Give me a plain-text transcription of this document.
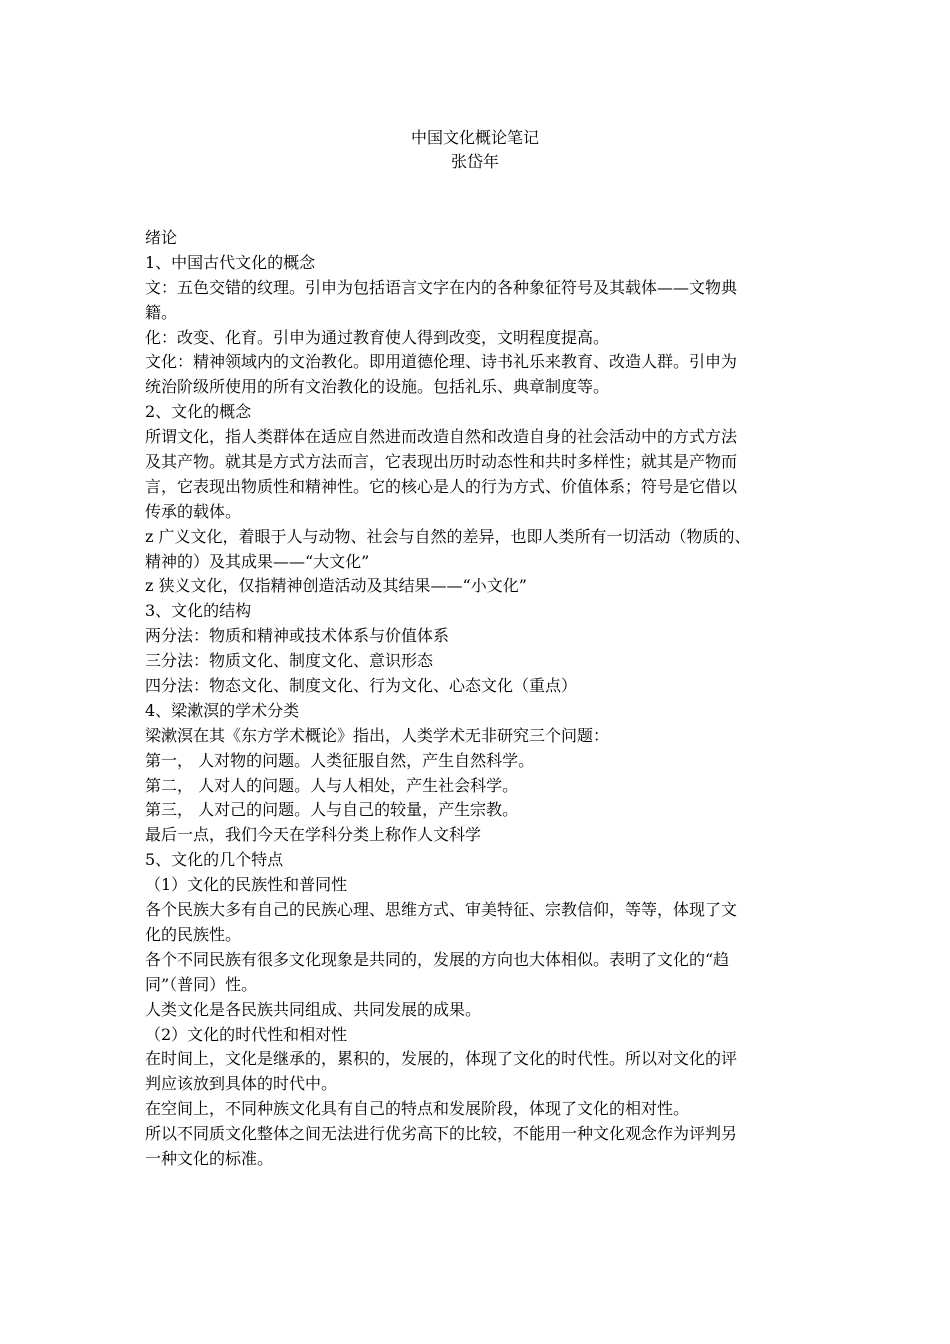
中国文化概论笔记
张岱年
绪论
1、中国古代文化的概念
文：五色交错的纹理。引申为包括语言文字在内的各种象征符号及其载体——文物典
籍。
化：改变、化育。引申为通过教育使人得到改变，文明程度提高。
文化：精神领域内的文治教化。即用道德伦理、诗书礼乐来教育、改造人群。引申为
统治阶级所使用的所有文治教化的设施。包括礼乐、典章制度等。
2、文化的概念
所谓文化，指人类群体在适应自然进而改造自然和改造自身的社会活动中的方式方法
及其产物。就其是方式方法而言，它表现出历时动态性和共时多样性；就其是产物而
言，它表现出物质性和精神性。它的核心是人的行为方式、价值体系；符号是它借以
传承的载体。
z 广义文化，着眼于人与动物、社会与自然的差异，也即人类所有一切活动（物质的、
精神的）及其成果——“大文化”
z 狭义文化，仅指精神创造活动及其结果——“小文化”
3、文化的结构
两分法：物质和精神或技术体系与价值体系
三分法：物质文化、制度文化、意识形态
四分法：物态文化、制度文化、行为文化、心态文化（重点）
4、梁漱溟的学术分类
梁漱溟在其《东方学术概论》指出，人类学术无非研究三个问题：
第一， 人对物的问题。人类征服自然，产生自然科学。
第二， 人对人的问题。人与人相处，产生社会科学。
第三， 人对己的问题。人与自己的较量，产生宗教。
最后一点，我们今天在学科分类上称作人文科学
5、文化的几个特点
（1）文化的民族性和普同性
各个民族大多有自己的民族心理、思维方式、审美特征、宗教信仰，等等，体现了文
化的民族性。
各个不同民族有很多文化现象是共同的，发展的方向也大体相似。表明了文化的“趋
同”（普同）性。
人类文化是各民族共同组成、共同发展的成果。
（2）文化的时代性和相对性
在时间上，文化是继承的，累积的，发展的，体现了文化的时代性。所以对文化的评
判应该放到具体的时代中。
在空间上，不同种族文化具有自己的特点和发展阶段，体现了文化的相对性。
所以不同质文化整体之间无法进行优劣高下的比较，不能用一种文化观念作为评判另
一种文化的标准。
